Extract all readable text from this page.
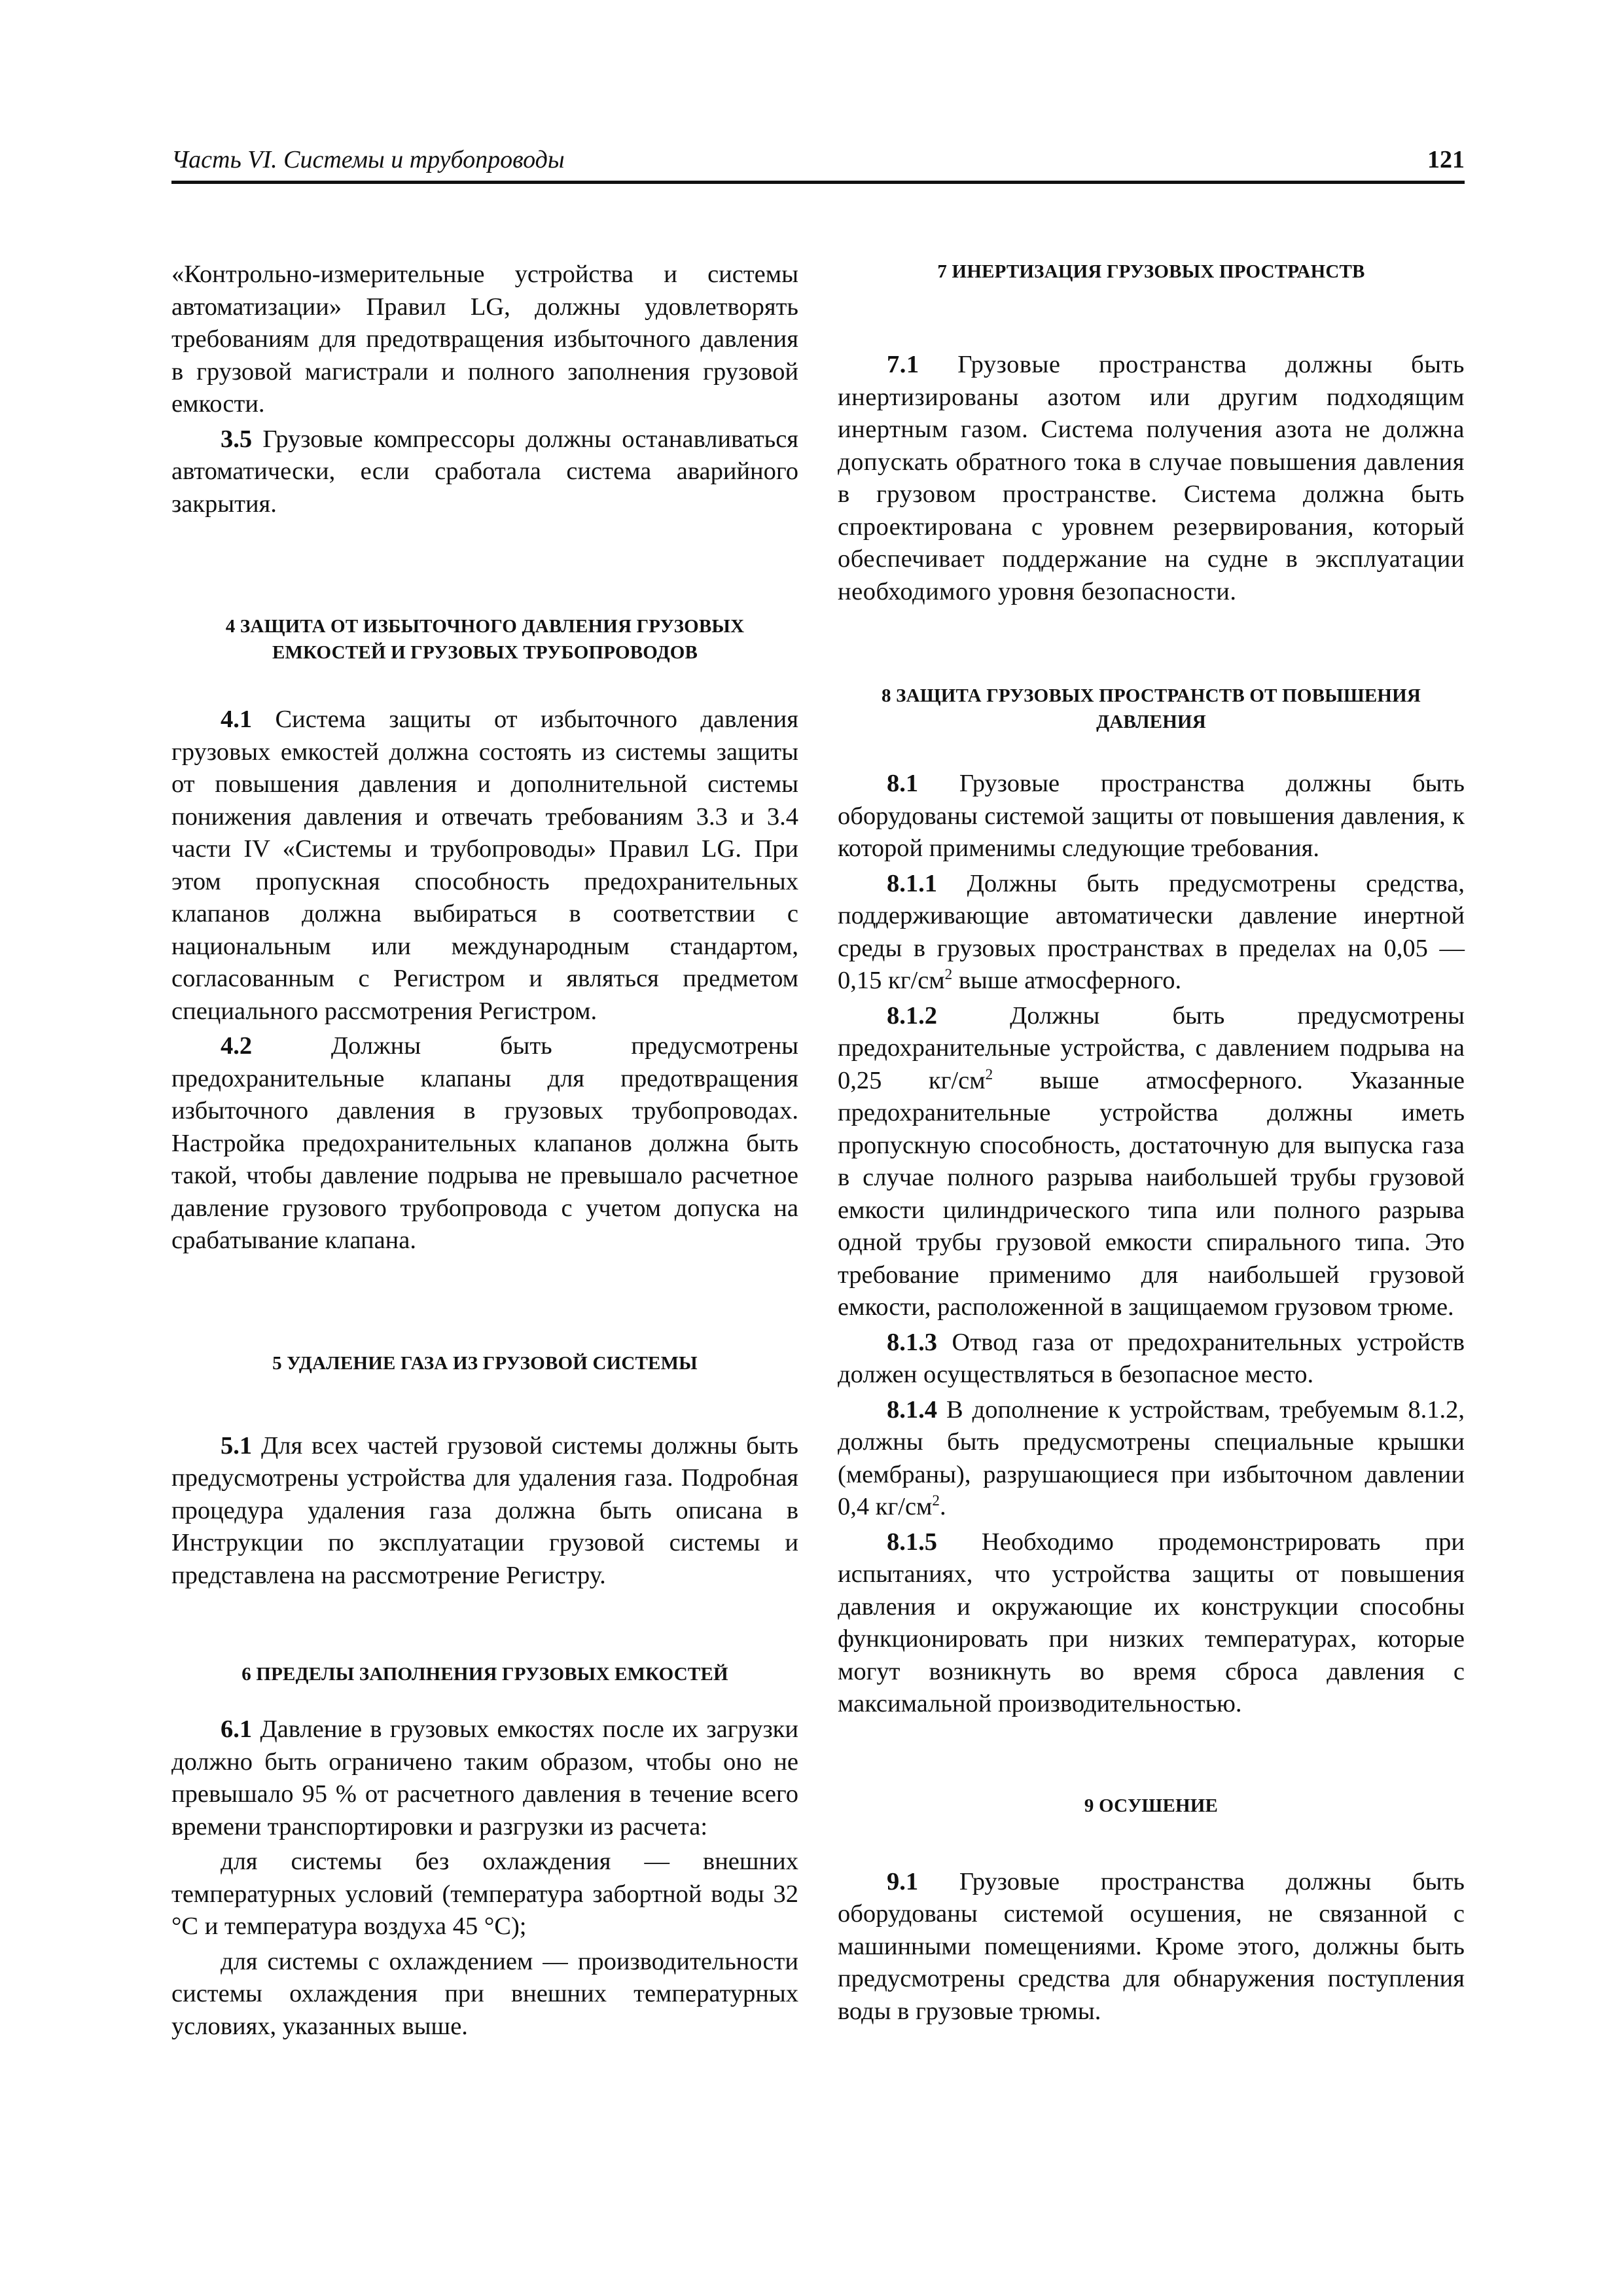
Часть VI. Системы и трубопроводы	121

«Контрольно-измерительные устройства и системы автоматизации» Правил LG, должны удовлетворять требованиям для предотвращения избыточного давления в грузовой магистрали и полного заполнения грузовой емкости.

3.5 Грузовые компрессоры должны останавливаться автоматически, если сработала система аварийного закрытия.

4 ЗАЩИТА ОТ ИЗБЫТОЧНОГО ДАВЛЕНИЯ ГРУЗОВЫХ ЕМКОСТЕЙ И ГРУЗОВЫХ ТРУБОПРОВОДОВ

4.1 Система защиты от избыточного давления грузовых емкостей должна состоять из системы защиты от повышения давления и дополнительной системы понижения давления и отвечать требованиям 3.3 и 3.4 части IV «Системы и трубопроводы» Правил LG. При этом пропускная способность предохранительных клапанов должна выбираться в соответствии с национальным или международным стандартом, согласованным с Регистром и являться предметом специального рассмотрения Регистром.

4.2 Должны быть предусмотрены предохранительные клапаны для предотвращения избыточного давления в грузовых трубопроводах. Настройка предохранительных клапанов должна быть такой, чтобы давление подрыва не превышало расчетное давление грузового трубопровода с учетом допуска на срабатывание клапана.

5 УДАЛЕНИЕ ГАЗА ИЗ ГРУЗОВОЙ СИСТЕМЫ

5.1 Для всех частей грузовой системы должны быть предусмотрены устройства для удаления газа. Подробная процедура удаления газа должна быть описана в Инструкции по эксплуатации грузовой системы и представлена на рассмотрение Регистру.

6 ПРЕДЕЛЫ ЗАПОЛНЕНИЯ ГРУЗОВЫХ ЕМКОСТЕЙ

6.1 Давление в грузовых емкостях после их загрузки должно быть ограничено таким образом, чтобы оно не превышало 95 % от расчетного давления в течение всего времени транспортировки и разгрузки из расчета:

для системы без охлаждения — внешних температурных условий (температура забортной воды 32 °C и температура воздуха 45 °C);

для системы с охлаждением — производительности системы охлаждения при внешних температурных условиях, указанных выше.

7 ИНЕРТИЗАЦИЯ ГРУЗОВЫХ ПРОСТРАНСТВ

7.1 Грузовые пространства должны быть инертизированы азотом или другим подходящим инертным газом. Система получения азота не должна допускать обратного тока в случае повышения давления в грузовом пространстве. Система должна быть спроектирована с уровнем резервирования, который обеспечивает поддержание на судне в эксплуатации необходимого уровня безопасности.

8 ЗАЩИТА ГРУЗОВЫХ ПРОСТРАНСТВ ОТ ПОВЫШЕНИЯ ДАВЛЕНИЯ

8.1 Грузовые пространства должны быть оборудованы системой защиты от повышения давления, к которой применимы следующие требования.

8.1.1 Должны быть предусмотрены средства, поддерживающие автоматически давление инертной среды в грузовых пространствах в пределах на 0,05 — 0,15 $кг/см^2$ выше атмосферного.

8.1.2 Должны быть предусмотрены предохранительные устройства, с давлением подрыва на 0,25 $кг/см^2$ выше атмосферного. Указанные предохранительные устройства должны иметь пропускную способность, достаточную для выпуска газа в случае полного разрыва наибольшей трубы грузовой емкости цилиндрического типа или полного разрыва одной трубы грузовой емкости спирального типа. Это требование применимо для наибольшей грузовой емкости, расположенной в защищаемом грузовом трюме.

8.1.3 Отвод газа от предохранительных устройств должен осуществляться в безопасное место.

8.1.4 В дополнение к устройствам, требуемым 8.1.2, должны быть предусмотрены специальные крышки (мембраны), разрушающиеся при избыточном давлении 0,4 $кг/см^2$.

8.1.5 Необходимо продемонстрировать при испытаниях, что устройства защиты от повышения давления и окружающие их конструкции способны функционировать при низких температурах, которые могут возникнуть во время сброса давления с максимальной производительностью.

9 ОСУШЕНИЕ

9.1 Грузовые пространства должны быть оборудованы системой осушения, не связанной с машинными помещениями. Кроме этого, должны быть предусмотрены средства для обнаружения поступления воды в грузовые трюмы.
